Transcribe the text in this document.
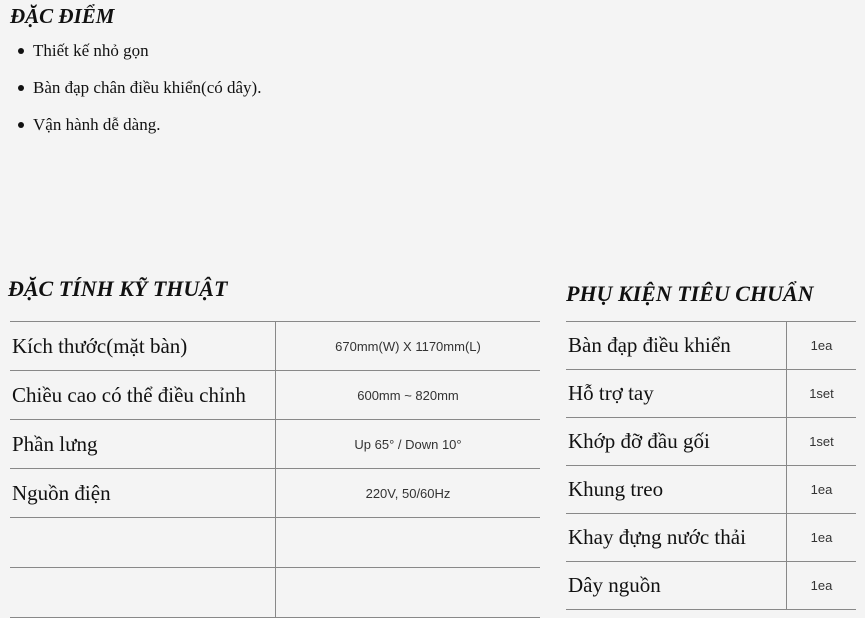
ĐẶC ĐIỂM
Thiết kế nhỏ gọn
Bàn đạp chân điều khiển(có dây).
Vận hành dễ dàng.
ĐẶC TÍNH KỸ THUẬT
Kích thước(mặt bàn)	670mm(W) X 1170mm(L)
Chiều cao có thể điều chỉnh	600mm ~ 820mm
Phần lưng	Up 65° / Down 10°
Nguồn điện	220V, 50/60Hz

PHỤ KIỆN TIÊU CHUẨN
Bàn đạp điều khiển	1ea
Hỗ trợ tay	1set
Khớp đỡ đầu gối	1set
Khung treo	1ea
Khay đựng nước thải	1ea
Dây nguồn	1ea
